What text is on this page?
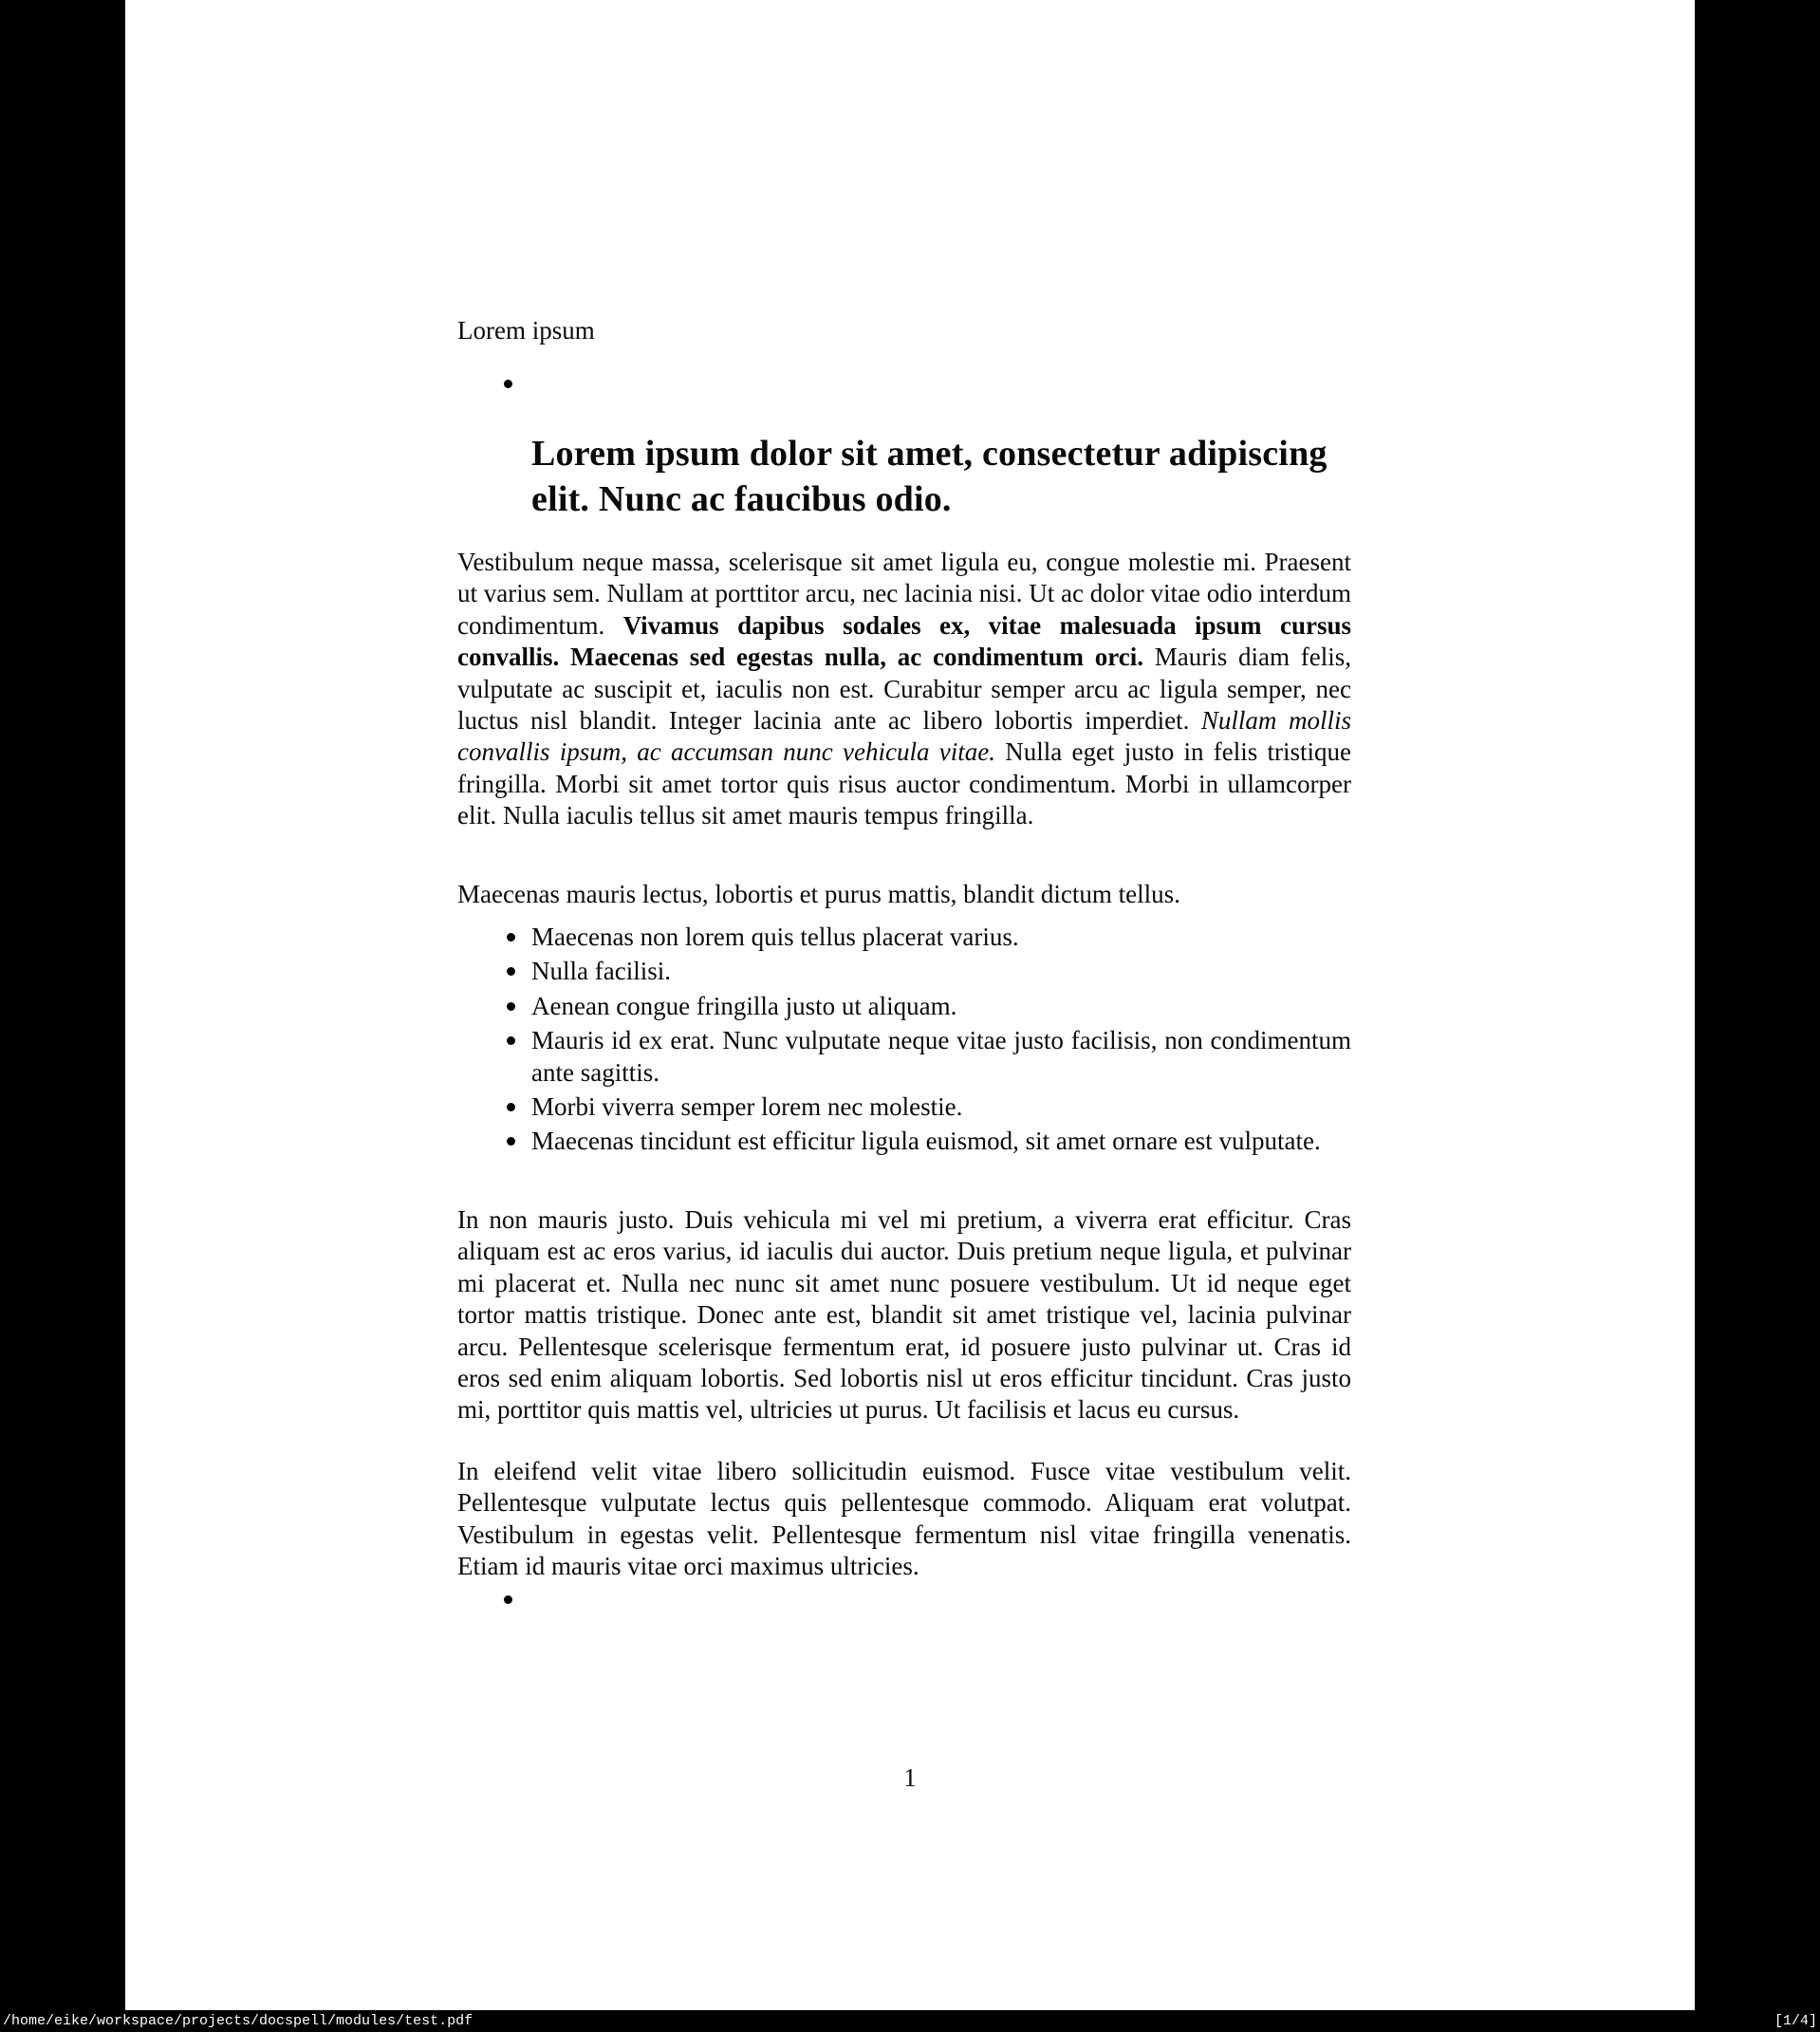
Lorem ipsum
Lorem ipsum dolor sit amet, consectetur adipiscing elit. Nunc ac faucibus odio.
Vestibulum neque massa, scelerisque sit amet ligula eu, congue molestie mi. Praesent ut varius sem. Nullam at porttitor arcu, nec lacinia nisi. Ut ac dolor vitae odio interdum condimentum. Vivamus dapibus sodales ex, vitae malesuada ipsum cursus convallis. Maecenas sed egestas nulla, ac condimentum orci. Mauris diam felis, vulputate ac suscipit et, iaculis non est. Curabitur semper arcu ac ligula semper, nec luctus nisl blandit. Integer lacinia ante ac libero lobortis imperdiet. Nullam mollis convallis ipsum, ac accumsan nunc vehicula vitae. Nulla eget justo in felis tristique fringilla. Morbi sit amet tortor quis risus auctor condimentum. Morbi in ullamcorper elit. Nulla iaculis tellus sit amet mauris tempus fringilla.
Maecenas mauris lectus, lobortis et purus mattis, blandit dictum tellus.
Maecenas non lorem quis tellus placerat varius.
Nulla facilisi.
Aenean congue fringilla justo ut aliquam.
Mauris id ex erat. Nunc vulputate neque vitae justo facilisis, non condimentum ante sagittis.
Morbi viverra semper lorem nec molestie.
Maecenas tincidunt est efficitur ligula euismod, sit amet ornare est vulputate.
In non mauris justo. Duis vehicula mi vel mi pretium, a viverra erat efficitur. Cras aliquam est ac eros varius, id iaculis dui auctor. Duis pretium neque ligula, et pulvinar mi placerat et. Nulla nec nunc sit amet nunc posuere vestibulum. Ut id neque eget tortor mattis tristique. Donec ante est, blandit sit amet tristique vel, lacinia pulvinar arcu. Pellentesque scelerisque fermentum erat, id posuere justo pulvinar ut. Cras id eros sed enim aliquam lobortis. Sed lobortis nisl ut eros efficitur tincidunt. Cras justo mi, porttitor quis mattis vel, ultricies ut purus. Ut facilisis et lacus eu cursus.
In eleifend velit vitae libero sollicitudin euismod. Fusce vitae vestibulum velit. Pellentesque vulputate lectus quis pellentesque commodo. Aliquam erat volutpat. Vestibulum in egestas velit. Pellentesque fermentum nisl vitae fringilla venenatis. Etiam id mauris vitae orci maximus ultricies.
1
/home/eike/workspace/projects/docspell/modules/test.pdf	[1/4]
